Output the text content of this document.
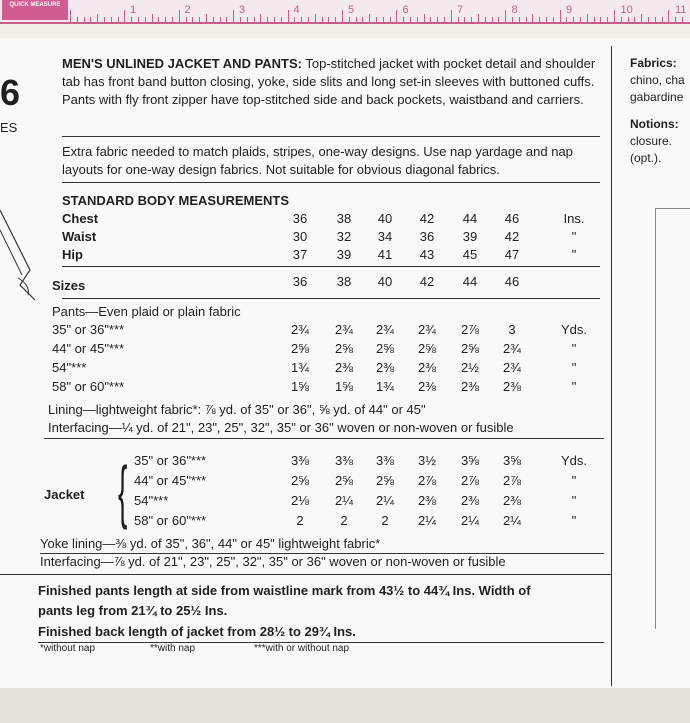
QUICK MEASURE	1	2	3	4	5	6	7	8	9	10	11
6
ES
Fabrics:
chino, cha
gabardine
Notions:
closure.
(opt.).
MEN'S UNLINED JACKET AND PANTS: Top-stitched jacket with pocket detail and shoulder tab has front band button closing, yoke, side slits and long set-in sleeves with buttoned cuffs. Pants with fly front zipper have top-stitched side and back pockets, waistband and carriers.
Extra fabric needed to match plaids, stripes, one-way designs. Use nap yardage and nap layouts for one-way design fabrics. Not suitable for obvious diagonal fabrics.
STANDARD BODY MEASUREMENTS
Chest	36	38	40	42	44	46	Ins.
Waist	30	32	34	36	39	42	"
Hip	37	39	41	43	45	47	"
Sizes	36	38	40	42	44	46
Pants—Even plaid or plain fabric
35" or 36"***	2¾	2¾	2¾	2¾	2⅞	3	Yds.
44" or 45"***	2⅝	2⅝	2⅝	2⅝	2⅝	2¾	"
54"***	1¾	2⅜	2⅜	2⅜	2½	2¾	"
58" or 60"***	1⅝	1⅝	1¾	2⅜	2⅜	2⅜	"
Lining—lightweight fabric*: ⅞ yd. of 35" or 36", ⅝ yd. of 44" or 45"
Interfacing—¼ yd. of 21", 23", 25", 32", 35" or 36" woven or non-woven or fusible
Jacket { 35" or 36"***	3⅜	3⅜	3⅜	3½	3⅝	3⅝	Yds.
44" or 45"***	2⅝	2⅝	2⅝	2⅞	2⅞	2⅞	"
54"***	2⅛	2¼	2¼	2⅜	2⅜	2⅜	"
58" or 60"***	2	2	2	2¼	2¼	2¼	"
Yoke lining—⅜ yd. of 35", 36", 44" or 45" lightweight fabric*
Interfacing—⅞ yd. of 21", 23", 25", 32", 35" or 36" woven or non-woven or fusible
Finished pants length at side from waistline mark from 43½ to 44¾ Ins. Width of
pants leg from 21¾ to 25½ Ins.
Finished back length of jacket from 28½ to 29¾ Ins.
*without nap	**with nap	***with or without nap
